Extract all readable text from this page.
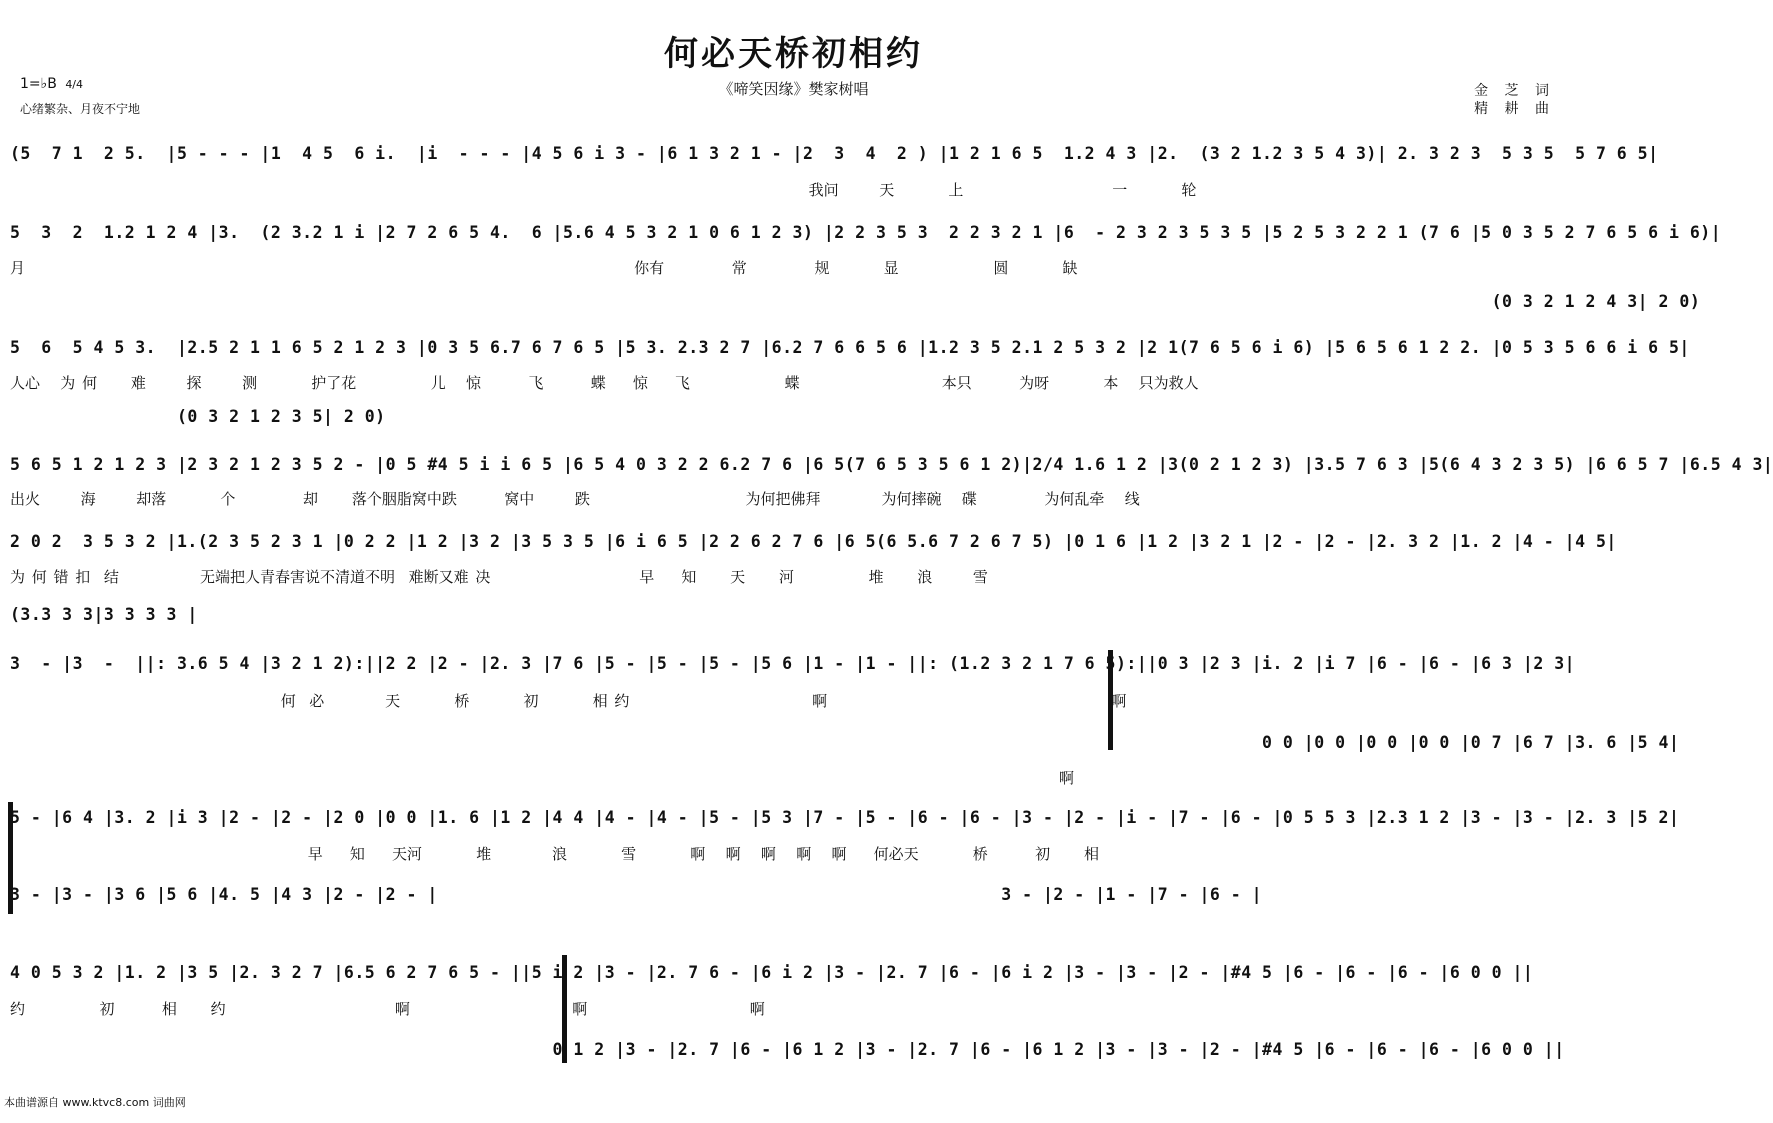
何必天桥初相约
《啼笑因缘》樊家树唱
1=♭B 4/4
心绪繁杂、月夜不宁地
金 芝 词
精 耕 曲
(5  7 1  2 5.  |5 - - - |1  4 5  6 i.  |i  - - - |4 5 6 i 3 - |6 1 3 2 1 - |2  3  4  2 ) |1 2 1 6 5  1.2 4 3 |2.  (3 2 1.2 3 5 4 3)| 2. 3 2 3  5 3 5  5 7 6 5|
我问      天        上                      一        轮
5  3  2  1.2 1 2 4 |3.  (2 3.2 1 i |2 7 2 6 5 4.  6 |5.6 4 5 3 2 1 0 6 1 2 3) |2 2 3 5 3  2 2 3 2 1 |6  - 2 3 2 3 5 3 5 |5 2 5 3 2 2 1 (7 6 |5 0 3 5 2 7 6 5 6 i 6)|
月                                                                                          你有          常          规        显              圆        缺
(0 3 2 1 2 4 3| 2 0)
5  6  5 4 5 3.  |2.5 2 1 1 6 5 2 1 2 3 |0 3 5 6.7 6 7 6 5 |5 3. 2.3 2 7 |6.2 7 6 6 5 6 |1.2 3 5 2.1 2 5 3 2 |2 1(7 6 5 6 i 6) |5 6 5 6 1 2 2. |0 5 3 5 6 6 i 6 5|
人心   为 何     难      探      测        护了花           儿   惊       飞       蝶    惊    飞              蝶                     本只       为呀        本   只为救人
(0 3 2 1 2 3 5| 2 0)
5 6 5 1 2 1 2 3 |2 3 2 1 2 3 5 2 - |0 5 #4 5 i i 6 5 |6 5 4 0 3 2 2 6.2 7 6 |6 5(7 6 5 3 5 6 1 2)|2/4 1.6 1 2 |3(0 2 1 2 3) |3.5 7 6 3 |5(6 4 3 2 3 5) |6 6 5 7 |6.5 4 3|
出火      海      却落        个          却     落个胭脂窝中跌       窝中      跌                       为何把佛拜         为何摔碗   碟          为何乱牵   线
2 0 2  3 5 3 2 |1.(2 3 5 2 3 1 |0 2 2 |1 2 |3 2 |3 5 3 5 |6 i 6 5 |2 2 6 2 7 6 |6 5(6 5.6 7 2 6 7 5) |0 1 6 |1 2 |3 2 1 |2 - |2 - |2. 3 2 |1. 2 |4 - |4 5|
为 何 错 扣  结            无端把人青春害说不清道不明  难断又难 决                      早    知     天     河           堆     浪      雪
(3.3 3 3|3 3 3 3 |
3  - |3  -  ||: 3.6 5 4 |3 2 1 2):||2 2 |2 - |2. 3 |7 6 |5 - |5 - |5 - |5 6 |1 - |1 - ||: (1.2 3 2 1 7 6 5):||0 3 |2 3 |i. 2 |i 7 |6 - |6 - |6 3 |2 3|
何  必         天        桥        初        相 约                           啊                                          啊
0 0 |0 0 |0 0 |0 0 |0 7 |6 7 |3. 6 |5 4|
啊
5 - |6 4 |3. 2 |i 3 |2 - |2 - |2 0 |0 0 |1. 6 |1 2 |4 4 |4 - |4 - |5 - |5 3 |7 - |5 - |6 - |6 - |3 - |2 - |i - |7 - |6 - |0 5 5 3 |2.3 1 2 |3 - |3 - |2. 3 |5 2|
早    知    天河        堆         浪        雪        啊   啊   啊   啊   啊    何必天        桥       初     相
3 - |3 - |3 6 |5 6 |4. 5 |4 3 |2 - |2 - |                                                      3 - |2 - |1 - |7 - |6 - |
4 0 5 3 2 |1. 2 |3 5 |2. 3 2 7 |6.5 6 2 7 6 5 - ||5 i 2 |3 - |2. 7 6 - |6 i 2 |3 - |2. 7 |6 - |6 i 2 |3 - |3 - |2 - |#4 5 |6 - |6 - |6 - |6 0 0 ||
约           初       相     约                         啊                        啊                        啊
0 1 2 |3 - |2. 7 |6 - |6 1 2 |3 - |2. 7 |6 - |6 1 2 |3 - |3 - |2 - |#4 5 |6 - |6 - |6 - |6 0 0 ||
本曲谱源自 www.ktvc8.com 词曲网
